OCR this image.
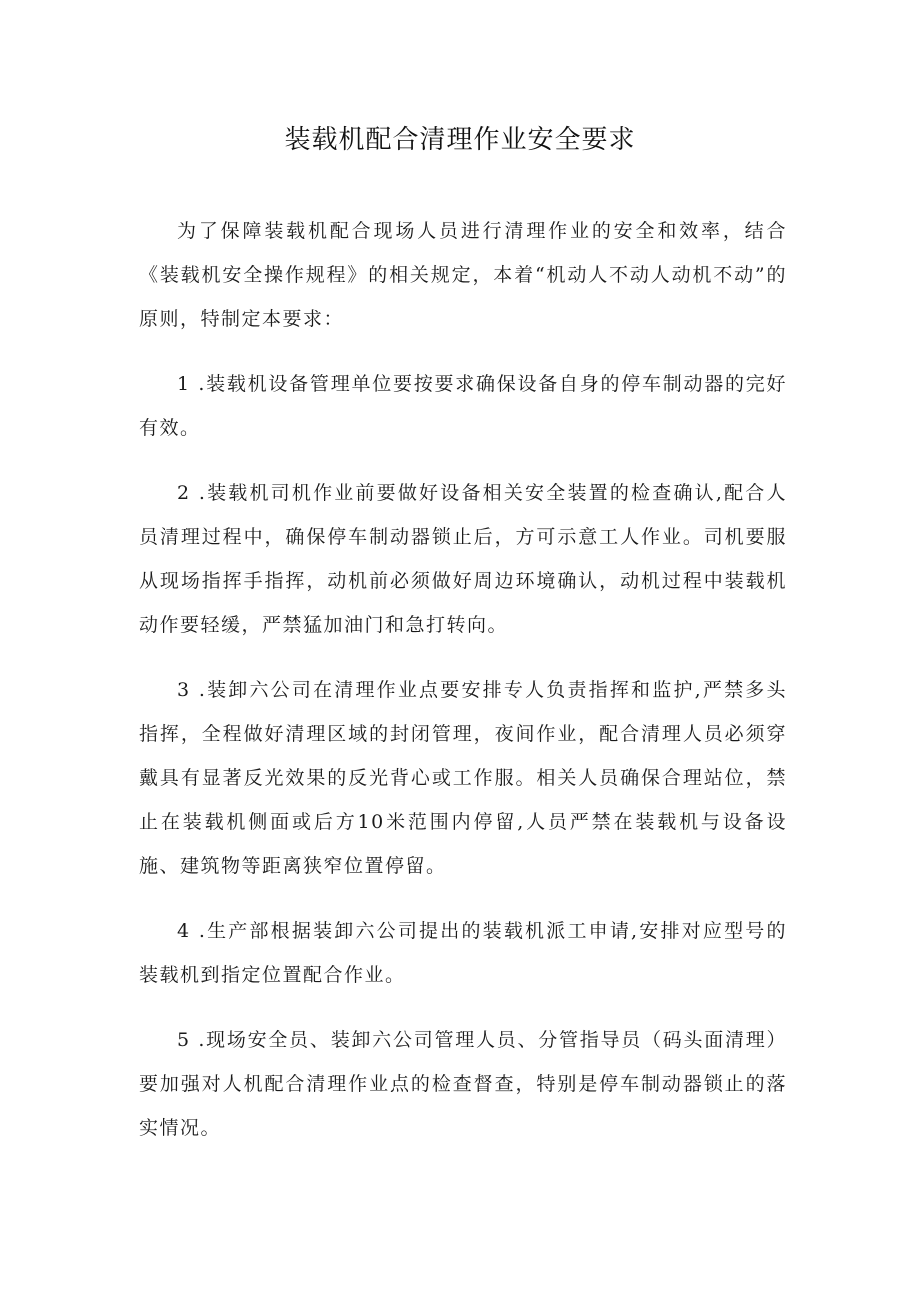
装载机配合清理作业安全要求

为了保障装载机配合现场人员进行清理作业的安全和效率，结合《装载机安全操作规程》的相关规定，本着“机动人不动人动机不动”的原则，特制定本要求：

1 .装载机设备管理单位要按要求确保设备自身的停车制动器的完好有效。

2 .装载机司机作业前要做好设备相关安全装置的检查确认,配合人员清理过程中，确保停车制动器锁止后，方可示意工人作业。司机要服从现场指挥手指挥，动机前必须做好周边环境确认，动机过程中装载机动作要轻缓，严禁猛加油门和急打转向。

3 .装卸六公司在清理作业点要安排专人负责指挥和监护,严禁多头指挥，全程做好清理区域的封闭管理，夜间作业，配合清理人员必须穿戴具有显著反光效果的反光背心或工作服。相关人员确保合理站位，禁止在装载机侧面或后方10米范围内停留,人员严禁在装载机与设备设施、建筑物等距离狭窄位置停留。

4 .生产部根据装卸六公司提出的装载机派工申请,安排对应型号的装载机到指定位置配合作业。

5 .现场安全员、装卸六公司管理人员、分管指导员（码头面清理）要加强对人机配合清理作业点的检查督查，特别是停车制动器锁止的落实情况。
